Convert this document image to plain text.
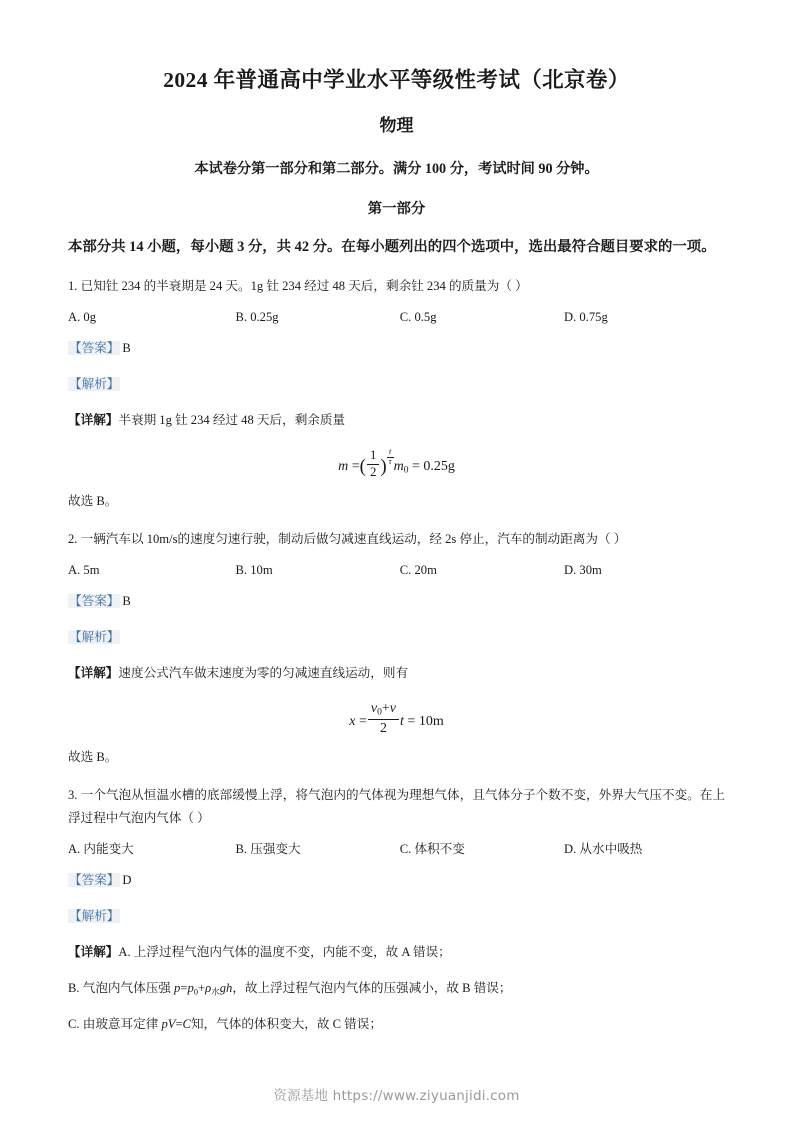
2024 年普通高中学业水平等级性考试（北京卷）
物理

本试卷分第一部分和第二部分。满分 100 分，考试时间 90 分钟。

第一部分

本部分共 14 小题，每小题 3 分，共 42 分。在每小题列出的四个选项中，选出最符合题目要求的一项。

1. 已知钍 234 的半衰期是 24 天。1g 钍 234 经过 48 天后，剩余钍 234 的质量为（ ）

A. 0g	B. 0.25g	C. 0.5g	D. 0.75g

【答案】 B

【解析】

【详解】半衰期 1g 钍 234 经过 48 天后，剩余质量

m =( $\frac{1}{2}$ ) $\frac{t}{\tau}$
$m_0 = 0.25g$

故选 B。

2. 一辆汽车以 10m/s的速度匀速行驶，制动后做匀减速直线运动，经 2s 停止，汽车的制动距离为（ ）

A. 5m	B. 10m	C. 20m	D. 30m

【答案】 B

【解析】

【详解】速度公式汽车做末速度为零的匀减速直线运动，则有

$x = \frac{v_0+v}{2}$ t = 10m

故选 B。

3. 一个气泡从恒温水槽的底部缓慢上浮，将气泡内的气体视为理想气体，且气体分子个数不变，外界大气压不变。在上浮过程中气泡内气体（ ）

A. 内能变大	B. 压强变大	C. 体积不变	D. 从水中吸热

【答案】 D

【解析】

【详解】A. 上浮过程气泡内气体的温度不变，内能不变，故 A 错误；

B. 气泡内气体压强 $p=p_0+\rho$水gh，故上浮过程气泡内气体的压强减小，故 B 错误；

C. 由玻意耳定律 pV=C知，气体的体积变大，故 C 错误；

资源基地 https://www.ziyuanjidi.com
